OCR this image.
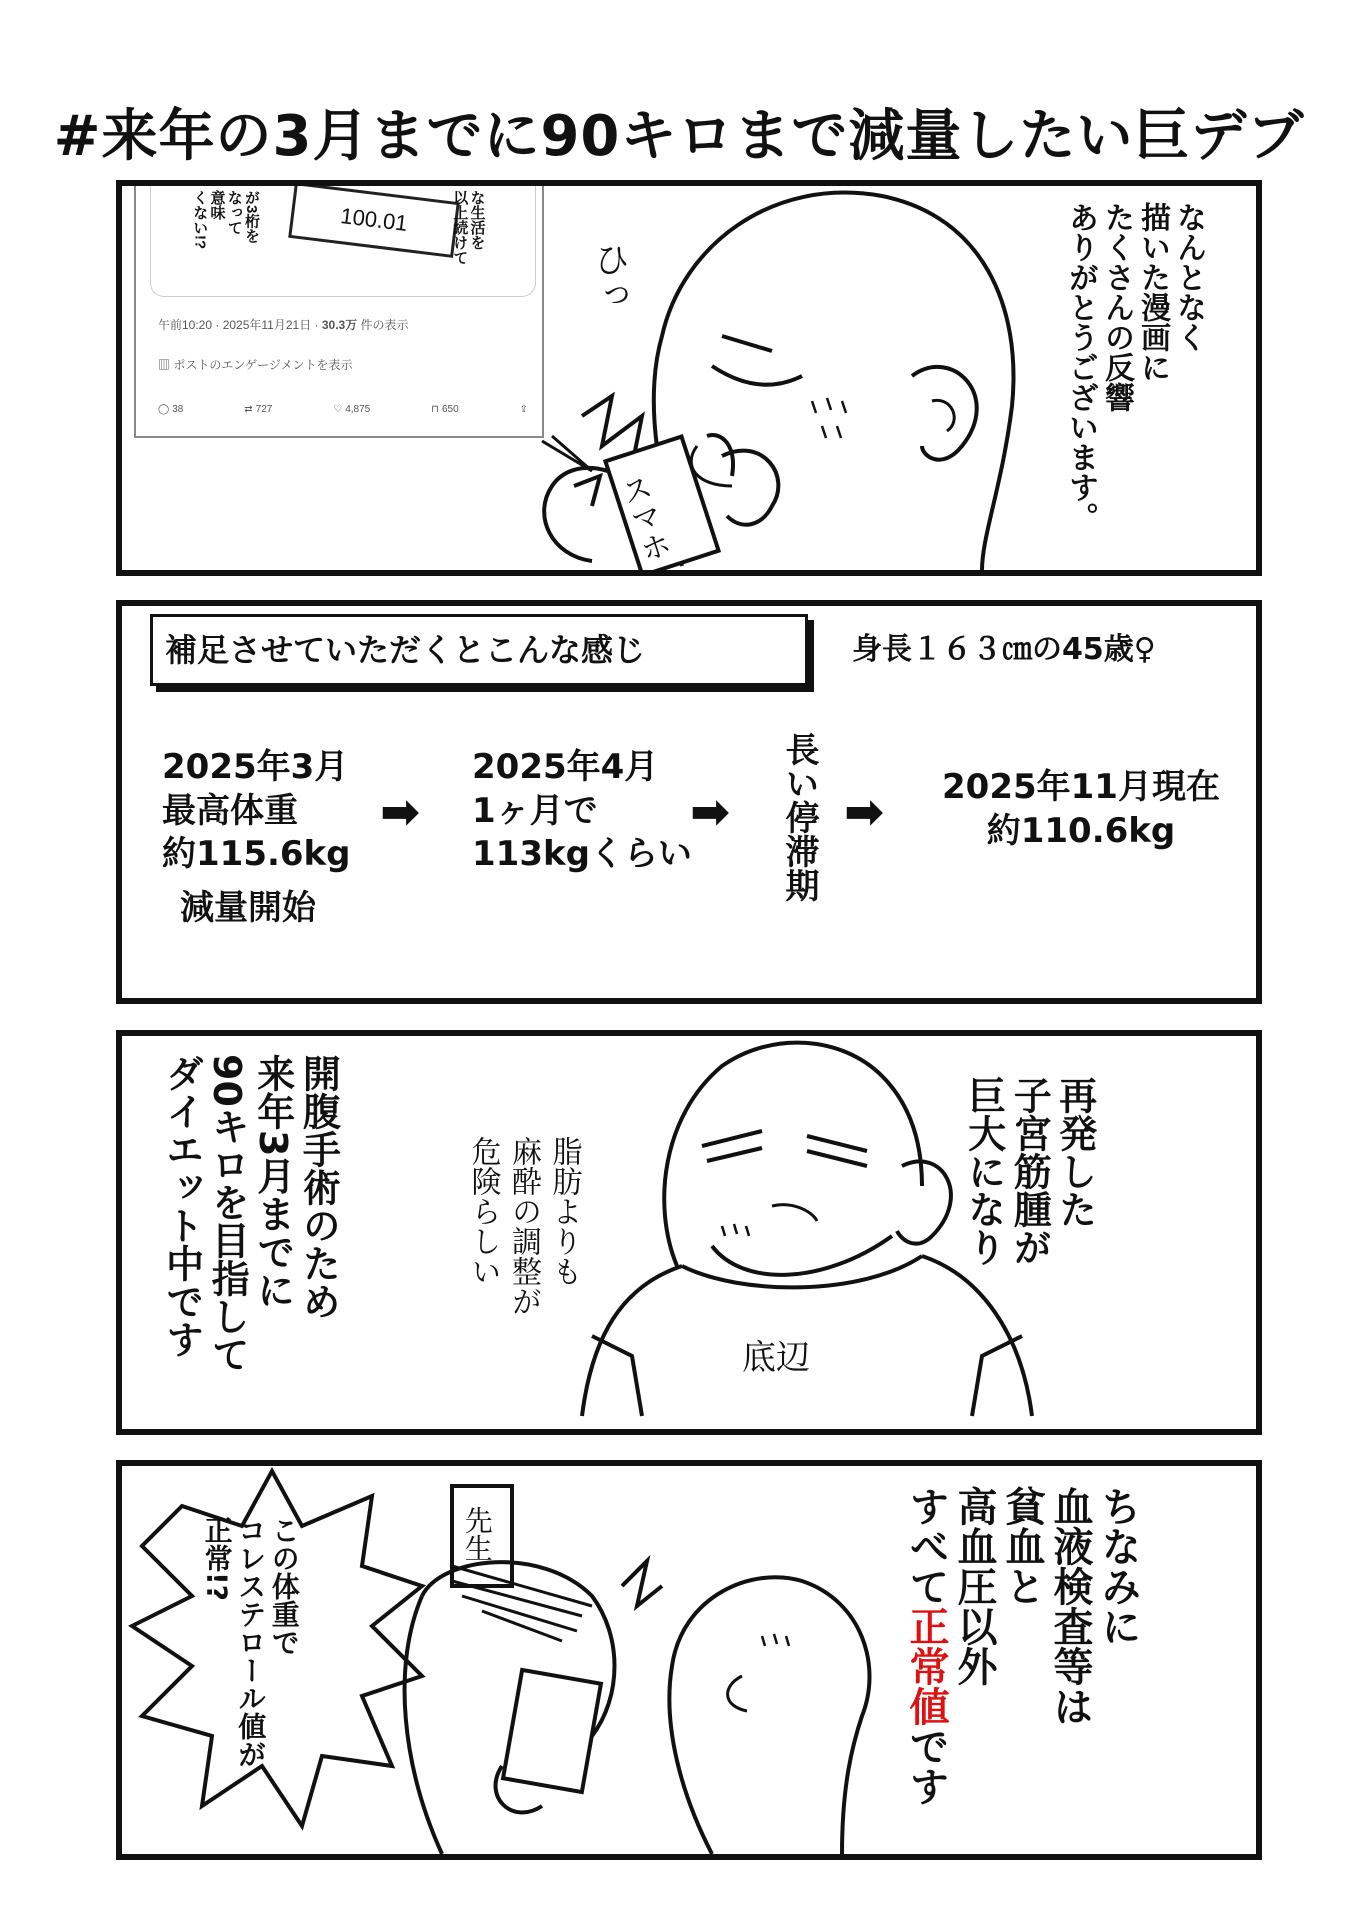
#来年の3月までに90キロまで減量したい巨デブ
100.01	な生活を
以上続けて
が3桁を
なって
意味
くない!?
午前10:20 · 2025年11月21日 · 30.3万 件の表示
▥ ポストのエンゲージメントを表示
◯ 38	⇄ 727	♡ 4,875	⊓ 650	⇪
ひっ
スマホ
なんとなく
描いた漫画に
たくさんの反響
ありがとうございます。
補足させていただくとこんな感じ	身長１６３㎝の45歳♀
2025年3月
最高体重
約115.6kg
減量開始
➡
2025年4月
1ヶ月で
113kgくらい
➡ 長い停滞期 ➡ 2025年11月現在
約110.6kg
底辺
再発した
子宮筋腫が
巨大になり
脂肪よりも
麻酔の調整が
危険らしい
開腹手術のため
来年3月までに
90キロを目指して
ダイエット中です
先生
この体重で
コレステロール値が
正常!?	ちなみに
血液検査等は
貧血と
高血圧以外
すべて正常値です
